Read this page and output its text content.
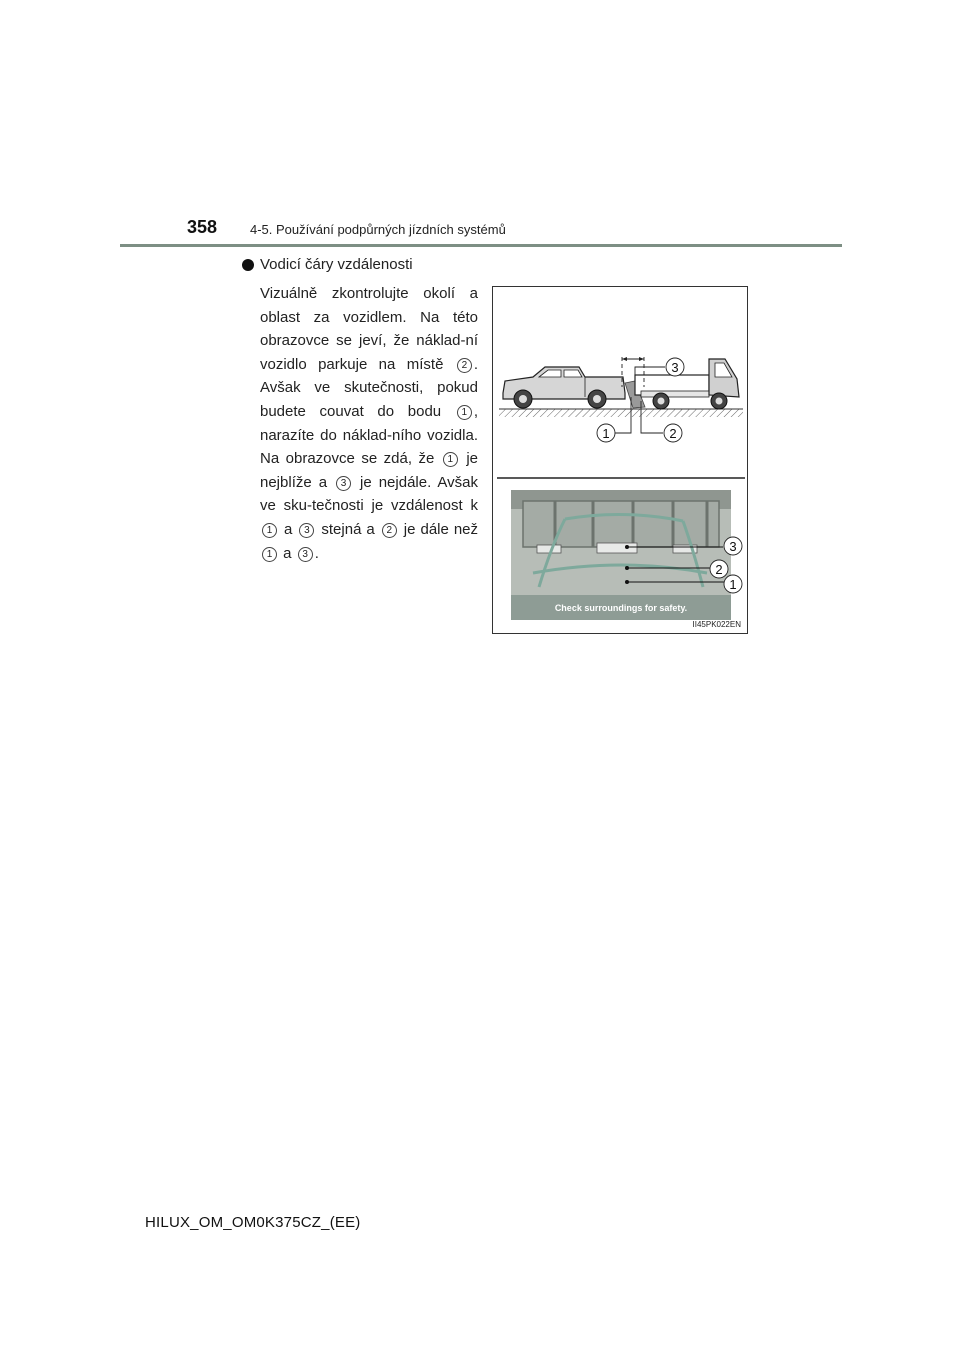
358	4-5. Používání podpůrných jízdních systémů
Vodicí čáry vzdálenosti

Vizuálně zkontrolujte okolí a oblast za vozidlem. Na této obrazovce se jeví, že náklad-ní vozidlo parkuje na místě 2 . Avšak ve skutečnosti, pokud budete couvat do bodu 1 , narazíte do náklad-ního vozidla. Na obrazovce se zdá, že 1 je nejblíže a 3 je nejdále. Avšak ve sku-tečnosti je vzdálenost k 1 a 3 stejná a 2 je dále než 1 a 3 .

3
1	2
Check surroundings for safety.
3
2
1
II45PK022EN
HILUX_OM_OM0K375CZ_(EE)
